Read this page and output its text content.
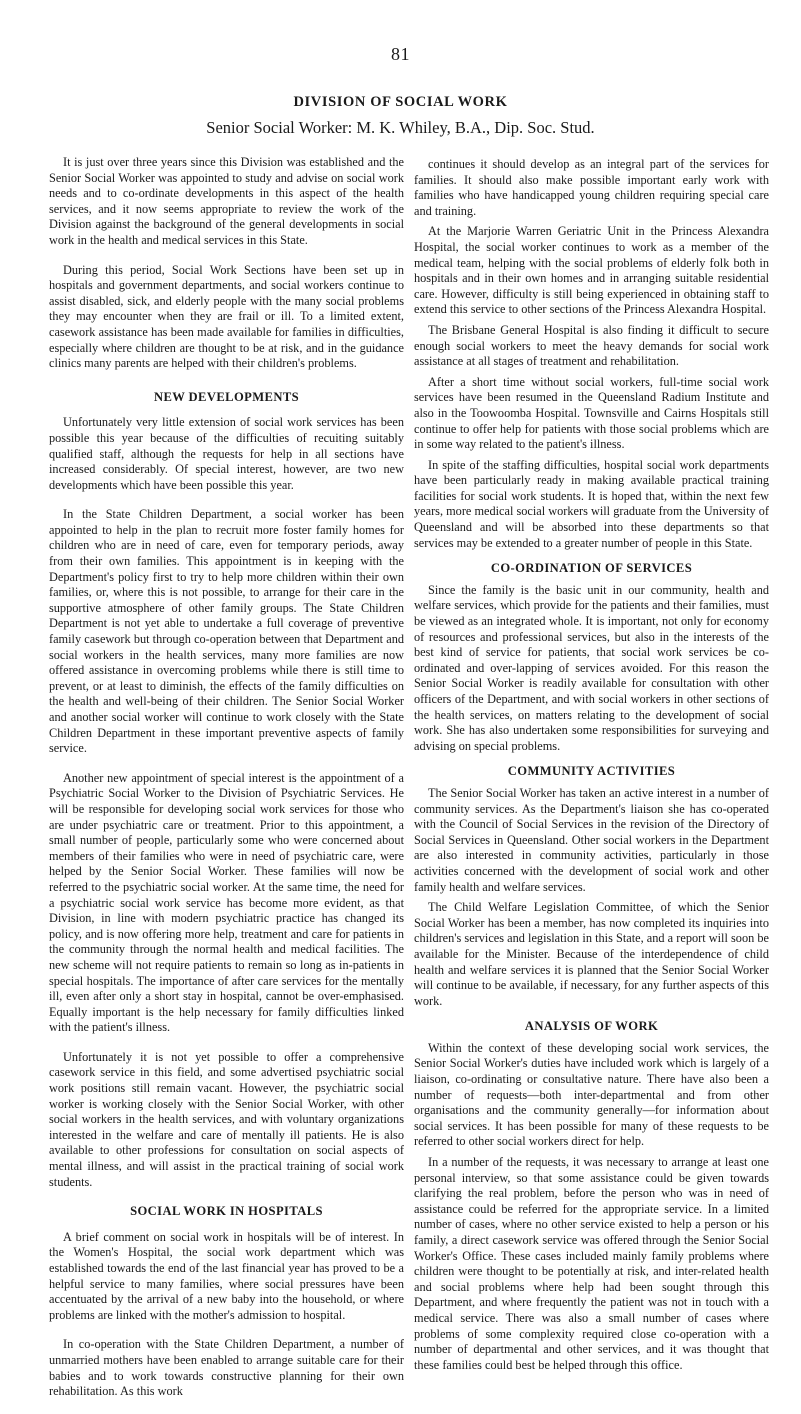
81
DIVISION OF SOCIAL WORK
Senior Social Worker: M. K. Whiley, B.A., Dip. Soc. Stud.

It is just over three years since this Division was established and the Senior Social Worker was appointed to study and advise on social work needs and to co-ordinate developments in this aspect of the health services, and it now seems appropriate to review the work of the Division against the background of the general developments in social work in the health and medical services in this State.

During this period, Social Work Sections have been set up in hospitals and government departments, and social workers continue to assist disabled, sick, and elderly people with the many social problems they may encounter when they are frail or ill. To a limited extent, casework assistance has been made available for families in difficulties, especially where children are thought to be at risk, and in the guidance clinics many parents are helped with their children's problems.

NEW DEVELOPMENTS

Unfortunately very little extension of social work services has been possible this year because of the difficulties of recuiting suitably qualified staff, although the requests for help in all sections have increased considerably. Of special interest, however, are two new developments which have been possible this year.

In the State Children Department, a social worker has been appointed to help in the plan to recruit more foster family homes for children who are in need of care, even for temporary periods, away from their own families. This appointment is in keeping with the Department's policy first to try to help more children within their own families, or, where this is not possible, to arrange for their care in the supportive atmosphere of other family groups. The State Children Department is not yet able to undertake a full coverage of preventive family casework but through co-operation between that Department and social workers in the health services, many more families are now offered assistance in overcoming problems while there is still time to prevent, or at least to diminish, the effects of the family difficulties on the health and well-being of their children. The Senior Social Worker and another social worker will continue to work closely with the State Children Department in these important preventive aspects of family service.

Another new appointment of special interest is the appointment of a Psychiatric Social Worker to the Division of Psychiatric Services. He will be responsible for developing social work services for those who are under psychiatric care or treatment. Prior to this appointment, a small number of people, particularly some who were concerned about members of their families who were in need of psychiatric care, were helped by the Senior Social Worker. These families will now be referred to the psychiatric social worker. At the same time, the need for a psychiatric social work service has become more evident, as that Division, in line with modern psychiatric practice has changed its policy, and is now offering more help, treatment and care for patients in the community through the normal health and medical facilities. The new scheme will not require patients to remain so long as in-patients in special hospitals. The importance of after care services for the mentally ill, even after only a short stay in hospital, cannot be over-emphasised. Equally important is the help necessary for family difficulties linked with the patient's illness.

Unfortunately it is not yet possible to offer a comprehensive casework service in this field, and some advertised psychiatric social work positions still remain vacant. However, the psychiatric social worker is working closely with the Senior Social Worker, with other social workers in the health services, and with voluntary organizations interested in the welfare and care of mentally ill patients. He is also available to other professions for consultation on social aspects of mental illness, and will assist in the practical training of social work students.

SOCIAL WORK IN HOSPITALS

A brief comment on social work in hospitals will be of interest. In the Women's Hospital, the social work department which was established towards the end of the last financial year has proved to be a helpful service to many families, where social pressures have been accentuated by the arrival of a new baby into the household, or where problems are linked with the mother's admission to hospital.

In co-operation with the State Children Department, a number of unmarried mothers have been enabled to arrange suitable care for their babies and to work towards constructive planning for their own rehabilitation. As this work

continues it should develop as an integral part of the services for families. It should also make possible important early work with families who have handicapped young children requiring special care and training.

At the Marjorie Warren Geriatric Unit in the Princess Alexandra Hospital, the social worker continues to work as a member of the medical team, helping with the social problems of elderly folk both in hospitals and in their own homes and in arranging suitable residential care. However, difficulty is still being experienced in obtaining staff to extend this service to other sections of the Princess Alexandra Hospital.

The Brisbane General Hospital is also finding it difficult to secure enough social workers to meet the heavy demands for social work assistance at all stages of treatment and rehabilitation.

After a short time without social workers, full-time social work services have been resumed in the Queensland Radium Institute and also in the Toowoomba Hospital. Townsville and Cairns Hospitals still continue to offer help for patients with those social problems which are in some way related to the patient's illness.

In spite of the staffing difficulties, hospital social work departments have been particularly ready in making available practical training facilities for social work students. It is hoped that, within the next few years, more medical social workers will graduate from the University of Queensland and will be absorbed into these departments so that services may be extended to a greater number of people in this State.

CO-ORDINATION OF SERVICES

Since the family is the basic unit in our community, health and welfare services, which provide for the patients and their families, must be viewed as an integrated whole. It is important, not only for economy of resources and professional services, but also in the interests of the best kind of service for patients, that social work services be co-ordinated and over-lapping of services avoided. For this reason the Senior Social Worker is readily available for consultation with other officers of the Department, and with social workers in other sections of the health services, on matters relating to the development of social work. She has also undertaken some responsibilities for surveying and advising on special problems.

COMMUNITY ACTIVITIES

The Senior Social Worker has taken an active interest in a number of community services. As the Department's liaison she has co-operated with the Council of Social Services in the revision of the Directory of Social Services in Queensland. Other social workers in the Department are also interested in community activities, particularly in those activities concerned with the development of social work and other family health and welfare services.

The Child Welfare Legislation Committee, of which the Senior Social Worker has been a member, has now completed its inquiries into children's services and legislation in this State, and a report will soon be available for the Minister. Because of the interdependence of child health and welfare services it is planned that the Senior Social Worker will continue to be available, if necessary, for any further aspects of this work.

ANALYSIS OF WORK

Within the context of these developing social work services, the Senior Social Worker's duties have included work which is largely of a liaison, co-ordinating or consultative nature. There have also been a number of requests—both inter-departmental and from other organisations and the community generally—for information about social services. It has been possible for many of these requests to be referred to other social workers direct for help.

In a number of the requests, it was necessary to arrange at least one personal interview, so that some assistance could be given towards clarifying the real problem, before the person who was in need of assistance could be referred for the appropriate service. In a limited number of cases, where no other service existed to help a person or his family, a direct casework service was offered through the Senior Social Worker's Office. These cases included mainly family problems where children were thought to be potentially at risk, and inter-related health and social problems where help had been sought through this Department, and where frequently the patient was not in touch with a medical service. There was also a small number of cases where problems of some complexity required close co-operation with a number of departmental and other services, and it was thought that these families could best be helped through this office.
